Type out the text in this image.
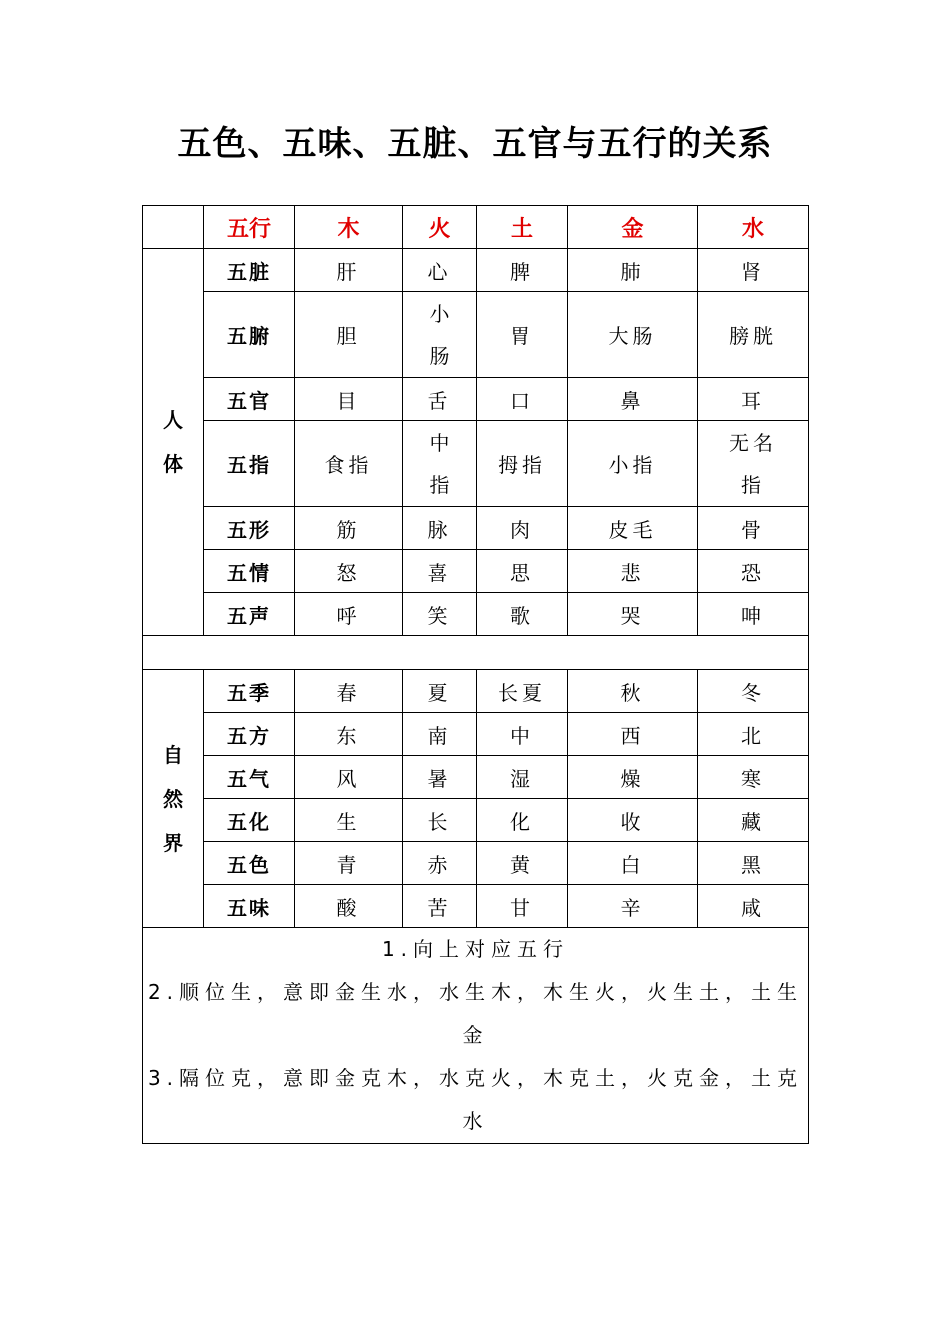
五色、五味、五脏、五官与五行的关系
	五行	木	火	土	金	水

人
体	五脏	肝	心	脾	肺	肾
	五腑	胆	小肠	胃	大肠	膀胱
	五官	目	舌	口	鼻	耳
	五指	食指	中指	拇指	小指	无名指
	五形	筋	脉	肉	皮毛	骨
	五情	怒	喜	思	悲	恐
	五声	呼	笑	歌	哭	呻

自
然
界	五季	春	夏	长夏	秋	冬
	五方	东	南	中	西	北
	五气	风	暑	湿	燥	寒
	五化	生	长	化	收	藏
	五色	青	赤	黄	白	黑
	五味	酸	苦	甘	辛	咸

1.向上对应五行

2.顺位生，意即金生水，水生木，木生火，火生土，土生金

3.隔位克，意即金克木，水克火，木克土，火克金，土克水						
